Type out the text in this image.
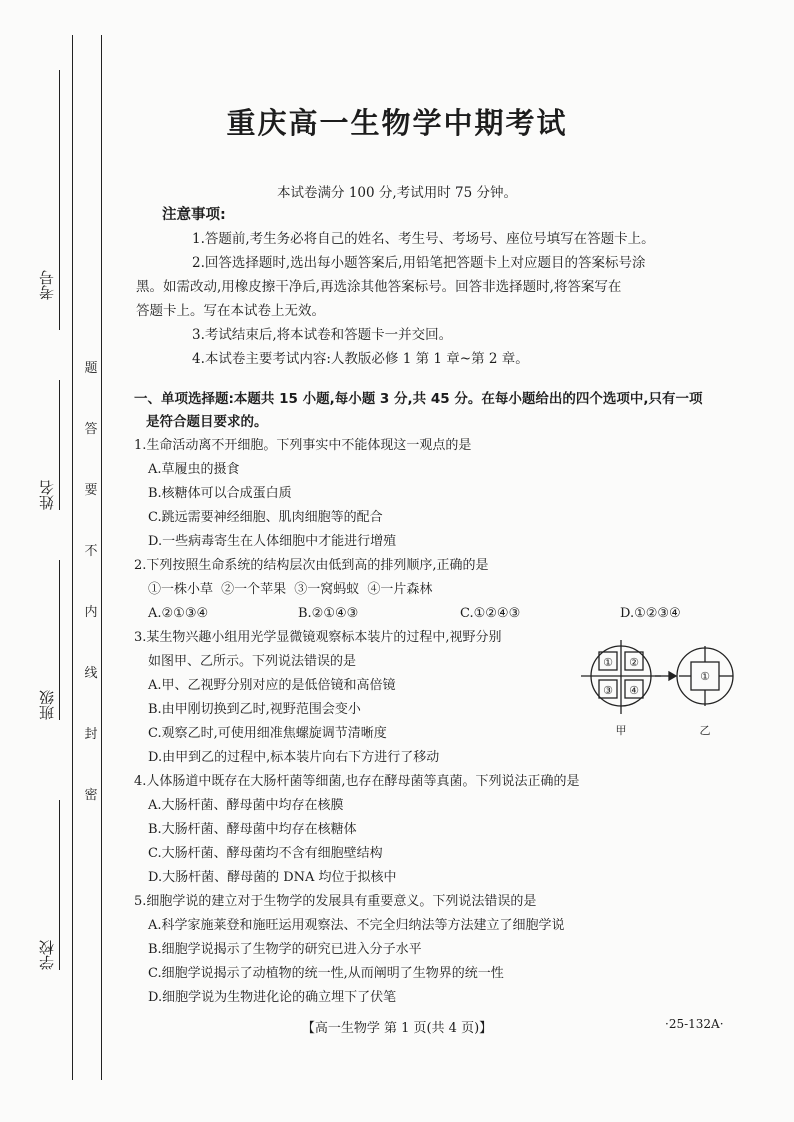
考号
姓名
班级
学校
题
答
要
不
内
线
封
密
重庆高一生物学中期考试
本试卷满分 100 分,考试用时 75 分钟。
注意事项:
1.答题前,考生务必将自己的姓名、考生号、考场号、座位号填写在答题卡上。
2.回答选择题时,选出每小题答案后,用铅笔把答题卡上对应题目的答案标号涂
黑。如需改动,用橡皮擦干净后,再选涂其他答案标号。回答非选择题时,将答案写在
答题卡上。写在本试卷上无效。
3.考试结束后,将本试卷和答题卡一并交回。
4.本试卷主要考试内容:人教版必修 1 第 1 章~第 2 章。
一、单项选择题:本题共 15 小题,每小题 3 分,共 45 分。在每小题给出的四个选项中,只有一项
是符合题目要求的。
1.生命活动离不开细胞。下列事实中不能体现这一观点的是
A.草履虫的摄食
B.核糖体可以合成蛋白质
C.跳远需要神经细胞、肌肉细胞等的配合
D.一些病毒寄生在人体细胞中才能进行增殖
2.下列按照生命系统的结构层次由低到高的排列顺序,正确的是
①一株小草 ②一个苹果 ③一窝蚂蚁 ④一片森林
A.②①③④	B.②①④③	C.①②④③	D.①②③④
3.某生物兴趣小组用光学显微镜观察标本装片的过程中,视野分别
如图甲、乙所示。下列说法错误的是
A.甲、乙视野分别对应的是低倍镜和高倍镜
B.由甲刚切换到乙时,视野范围会变小
C.观察乙时,可使用细准焦螺旋调节清晰度
D.由甲到乙的过程中,标本装片向右下方进行了移动
4.人体肠道中既存在大肠杆菌等细菌,也存在酵母菌等真菌。下列说法正确的是
A.大肠杆菌、酵母菌中均存在核膜
B.大肠杆菌、酵母菌中均存在核糖体
C.大肠杆菌、酵母菌均不含有细胞壁结构
D.大肠杆菌、酵母菌的 DNA 均位于拟核中
5.细胞学说的建立对于生物学的发展具有重要意义。下列说法错误的是
A.科学家施莱登和施旺运用观察法、不完全归纳法等方法建立了细胞学说
B.细胞学说揭示了生物学的研究已进入分子水平
C.细胞学说揭示了动植物的统一性,从而阐明了生物界的统一性
D.细胞学说为生物进化论的确立埋下了伏笔
① ②
③ ④
甲
①
乙
【高一生物学 第 1 页(共 4 页)】	·25-132A·
